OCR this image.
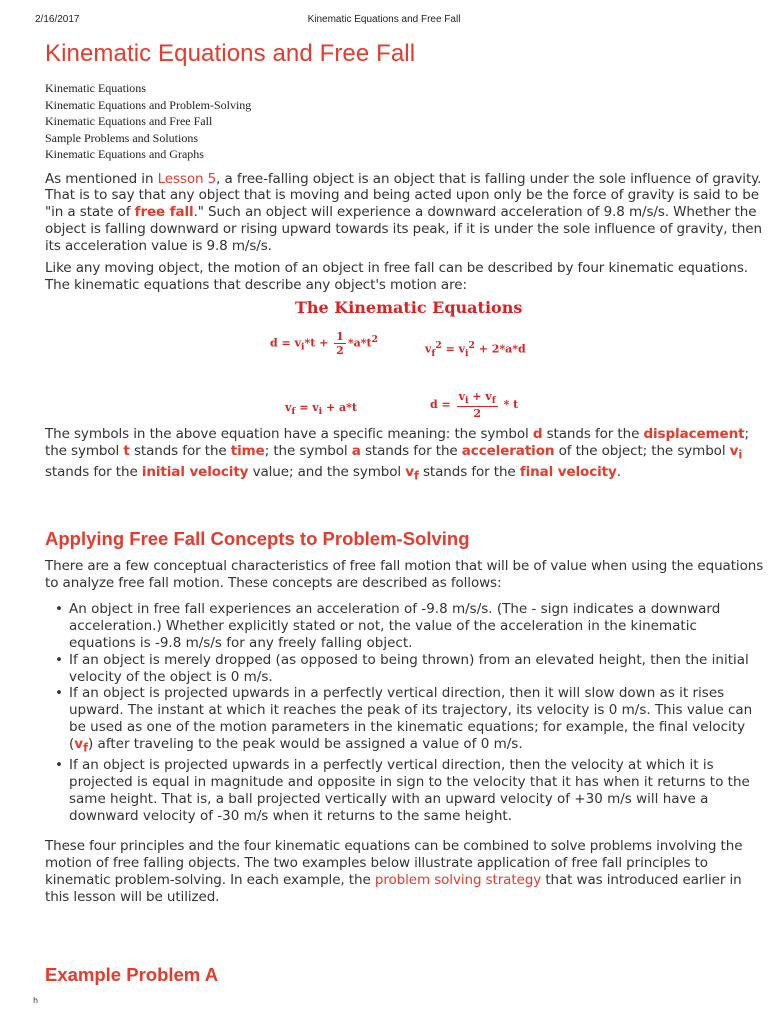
2/16/2017	Kinematic Equations and Free Fall
Kinematic Equations and Free Fall
Kinematic Equations
Kinematic Equations and Problem-Solving
Kinematic Equations and Free Fall
Sample Problems and Solutions
Kinematic Equations and Graphs

As mentioned in Lesson 5, a free-falling object is an object that is falling under the sole influence of gravity. That is to say that any object that is moving and being acted upon only be the force of gravity is said to be "in a state of free fall." Such an object will experience a downward acceleration of 9.8 m/s/s. Whether the object is falling downward or rising upward towards its peak, if it is under the sole influence of gravity, then its acceleration value is 9.8 m/s/s.

Like any moving object, the motion of an object in free fall can be described by four kinematic equations. The kinematic equations that describe any object's motion are:

The Kinematic Equations
$d = v_i*t + \frac{1}{2} *a*t^2$
$v_f^2 = v_i^2 + 2*a*d$
$v_f = v_i + a*t$	$d = \frac{v_i + v_f}{2} * t$

The symbols in the above equation have a specific meaning: the symbol d stands for the displacement; the symbol t stands for the time; the symbol a stands for the acceleration of the object; the symbol $v_i$ stands for the initial velocity value; and the symbol $v_f$ stands for the final velocity.

Applying Free Fall Concepts to Problem-Solving

There are a few conceptual characteristics of free fall motion that will be of value when using the equations to analyze free fall motion. These concepts are described as follows:

• An object in free fall experiences an acceleration of -9.8 m/s/s. (The - sign indicates a downward acceleration.) Whether explicitly stated or not, the value of the acceleration in the kinematic equations is -9.8 m/s/s for any freely falling object.
• If an object is merely dropped (as opposed to being thrown) from an elevated height, then the initial velocity of the object is 0 m/s.
• If an object is projected upwards in a perfectly vertical direction, then it will slow down as it rises upward. The instant at which it reaches the peak of its trajectory, its velocity is 0 m/s. This value can be used as one of the motion parameters in the kinematic equations; for example, the final velocity $(v_f)$ after traveling to the peak would be assigned a value of 0 m/s.
• If an object is projected upwards in a perfectly vertical direction, then the velocity at which it is projected is equal in magnitude and opposite in sign to the velocity that it has when it returns to the same height. That is, a ball projected vertically with an upward velocity of +30 m/s will have a downward velocity of -30 m/s when it returns to the same height.

These four principles and the four kinematic equations can be combined to solve problems involving the motion of free falling objects. The two examples below illustrate application of free fall principles to kinematic problem-solving. In each example, the problem solving strategy that was introduced earlier in this lesson will be utilized.

Example Problem A
h
